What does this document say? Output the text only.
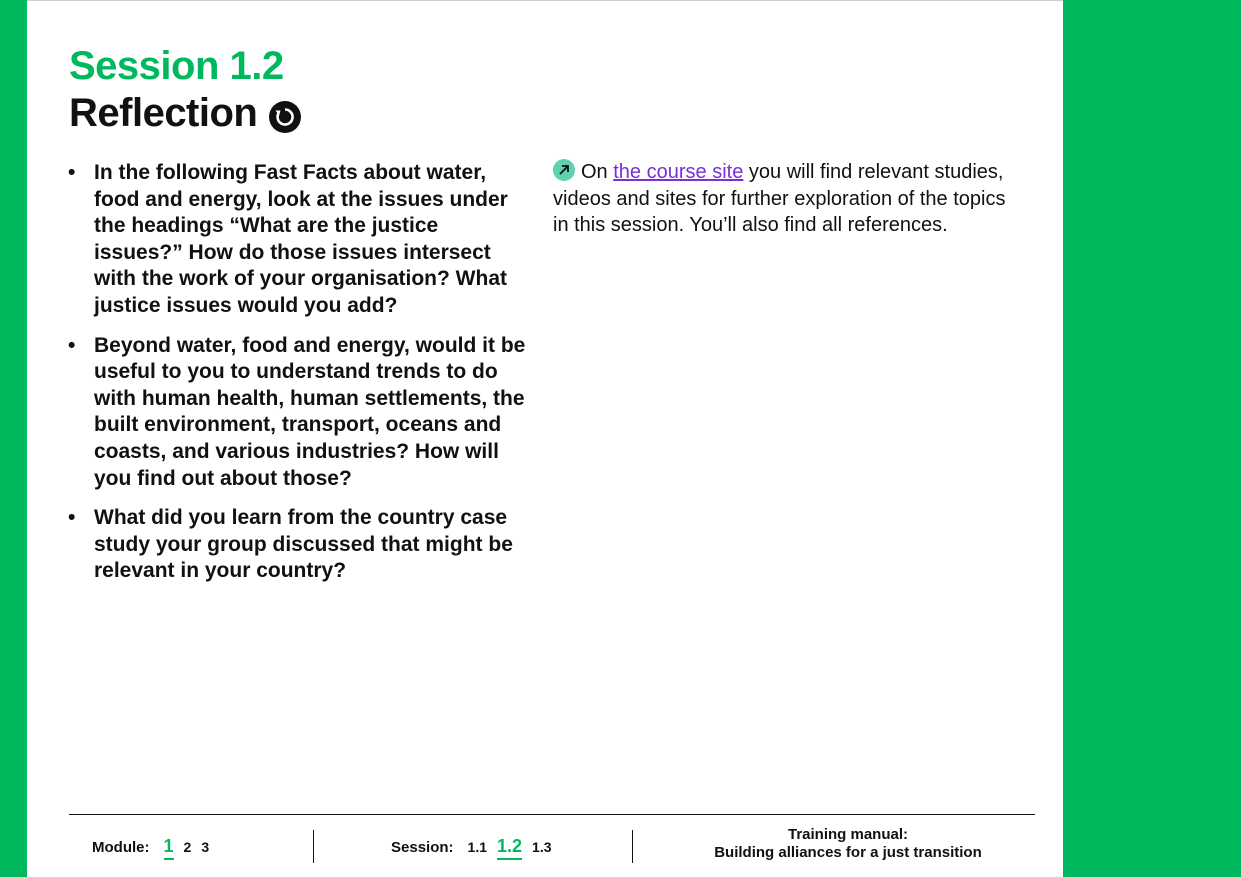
Session 1.2
Reflection
• In the following Fast Facts about water, food and energy, look at the issues under the headings “What are the justice issues?” How do those issues intersect with the work of your organisation? What justice issues would you add?
• Beyond water, food and energy, would it be useful to you to understand trends to do with human health, human settlements, the built environment, transport, oceans and coasts, and various industries? How will you find out about those?
• What did you learn from the country case study your group discussed that might be relevant in your country?
On the course site you will find relevant studies, videos and sites for further exploration of the topics in this session. You’ll also find all references.
Module: 1 2 3	Session: 1.1 1.2 1.3
Training manual:
Building alliances for a just transition
